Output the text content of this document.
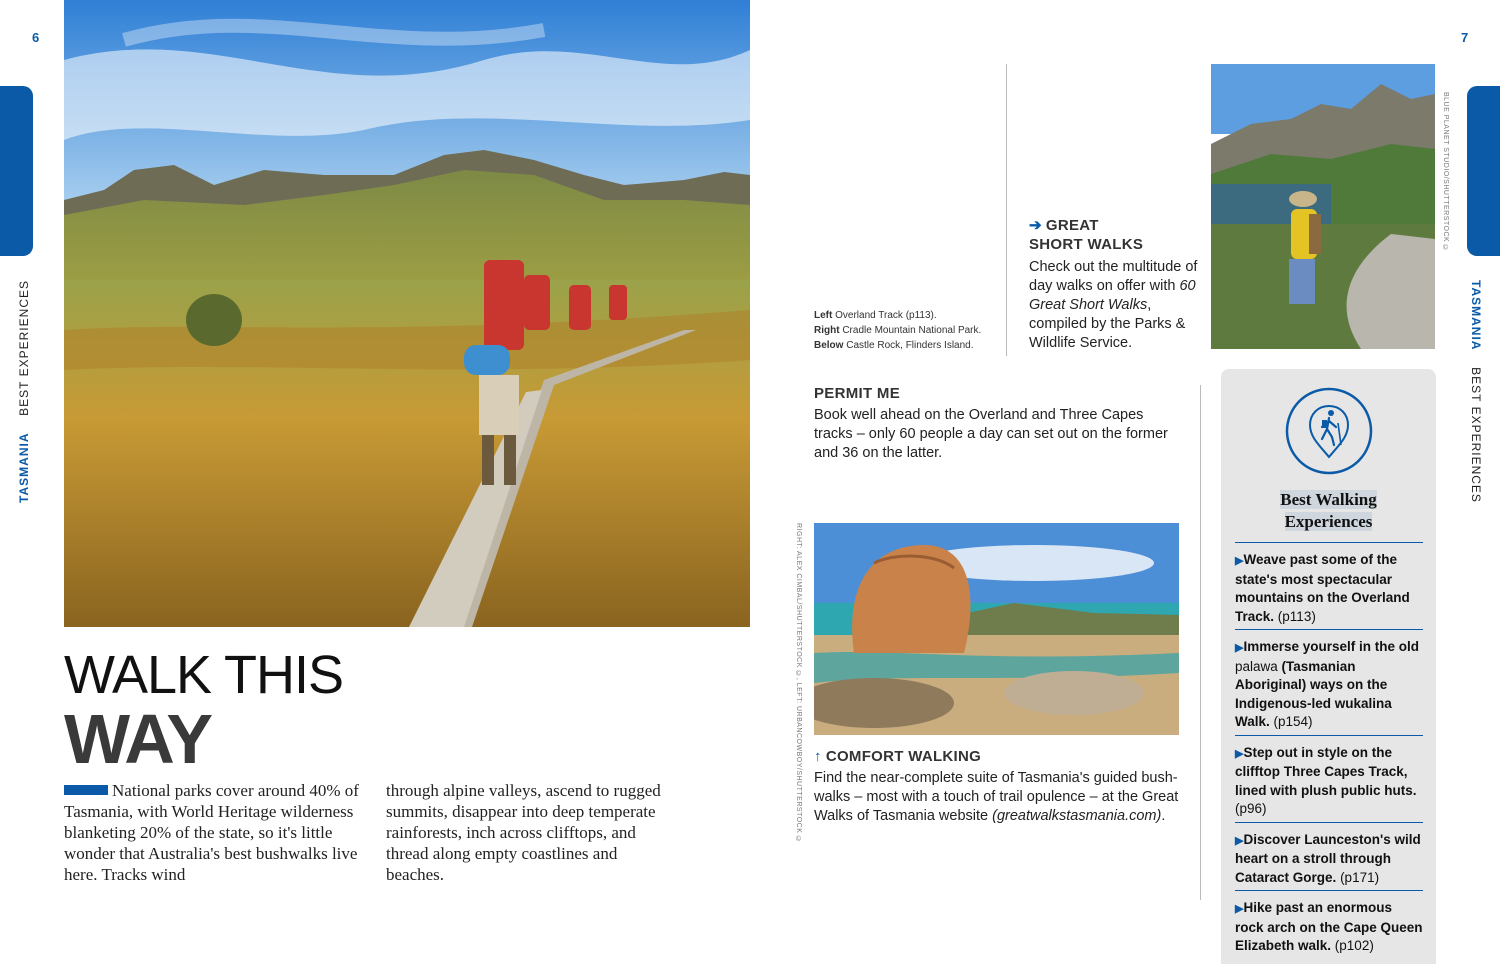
6	7
TASMANIA  BEST EXPERIENCES	TASMANIA  BEST EXPERIENCES
WALK THIS
WAY
National parks cover around 40% of Tasmania, with World Heritage wilderness blanketing 20% of the state, so it's little wonder that Australia's best bushwalks live here. Tracks wind
through alpine valleys, ascend to rugged summits, disappear into deep temperate rainforests, inch across clifftops, and thread along empty coastlines and beaches.
Left Overland Track (p113).
Right Cradle Mountain National Park.
Below Castle Rock, Flinders Island.
➔ GREAT
SHORT WALKS

Check out the multitude of day walks on offer with 60 Great Short Walks, compiled by the Parks & Wildlife Service.

BLUE PLANET STUDIO/SHUTTERSTOCK ©
PERMIT ME

Book well ahead on the Overland and Three Capes tracks – only 60 people a day can set out on the former and 36 on the latter.

RIGHT: ALEX CIMBAL/SHUTTERSTOCK ©, LEFT: URBANCOWBOY/SHUTTERSTOCK © ↑ COMFORT WALKING

Find the near-complete suite of Tasmania's guided bush-walks – most with a touch of trail opulence – at the Great Walks of Tasmania website (greatwalkstasmania.com).

Best Walking
Experiences
▶Weave past some of the state's most spectacular mountains on the Overland Track. (p113)
▶Immerse yourself in the old palawa (Tasmanian Aboriginal) ways on the Indigenous-led wukalina Walk. (p154)
▶Step out in style on the clifftop Three Capes Track, lined with plush public huts. (p96)
▶Discover Launceston's wild heart on a stroll through Cataract Gorge. (p171)
▶Hike past an enormous rock arch on the Cape Queen Elizabeth walk. (p102)
